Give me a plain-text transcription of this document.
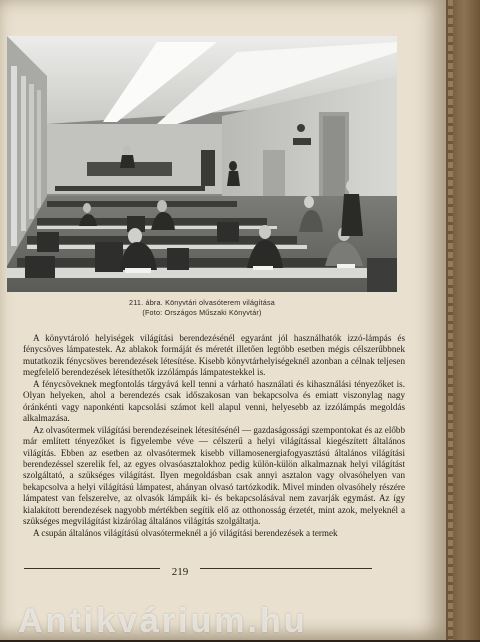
211. ábra. Könyvtári olvasóterem világítása
(Foto: Országos Műszaki Könyvtár)

A könyvtároló helyiségek világítási berendezésénél egyaránt jól használhatók izzó-lámpás és fénycsöves lámpatestek. Az ablakok formáját és méretét illetően legtöbb esetben mégis célszerűbbnek mutatkozik fénycsöves berendezések létesítése. Kisebb könyvtárhelyiségeknél azonban a célnak teljesen megfelelő berendezések létesíthetők izzólámpás lámpatestekkel is.

A fénycsöveknek megfontolás tárgyává kell tenni a várható használati és kihasználási tényezőket is. Olyan helyeken, ahol a berendezés csak időszakosan van bekapcsolva és emiatt viszonylag nagy óránkénti vagy naponkénti kapcsolási számot kell alapul venni, helyesebb az izzólámpás megoldás alkalmazása.

Az olvasótermek világítási berendezéseinek létesítésénél — gazdaságossági szempontokat és az előbb már említett tényezőket is figyelembe véve — célszerű a helyi világítással kiegészített általános világítás. Ebben az esetben az olvasótermek kisebb villamosenergiafogyasztású általános világítási berendezéssel szerelik fel, az egyes olvasóasztalokhoz pedig külön-külön alkalmaznak helyi világítást szolgáltató, a szükséges világítást. Ilyen megoldásban csak annyi asztalon vagy olvasóhelyen van bekapcsolva a helyi világítású lámpatest, ahányan olvasó tartózkodik. Mivel minden olvasóhely részére lámpatest van felszerelve, az olvasók lámpáik ki- és bekapcsolásával nem zavarják egymást. Az így kialakított berendezések nagyobb mértékben segítik elő az otthonosság érzetét, mint azok, melyeknél a szükséges megvilágítást kizárólag általános világítás szolgáltatja.

A csupán általános világítású olvasótermeknél a jó világítási berendezések a termek

219
Antikvárium.hu
